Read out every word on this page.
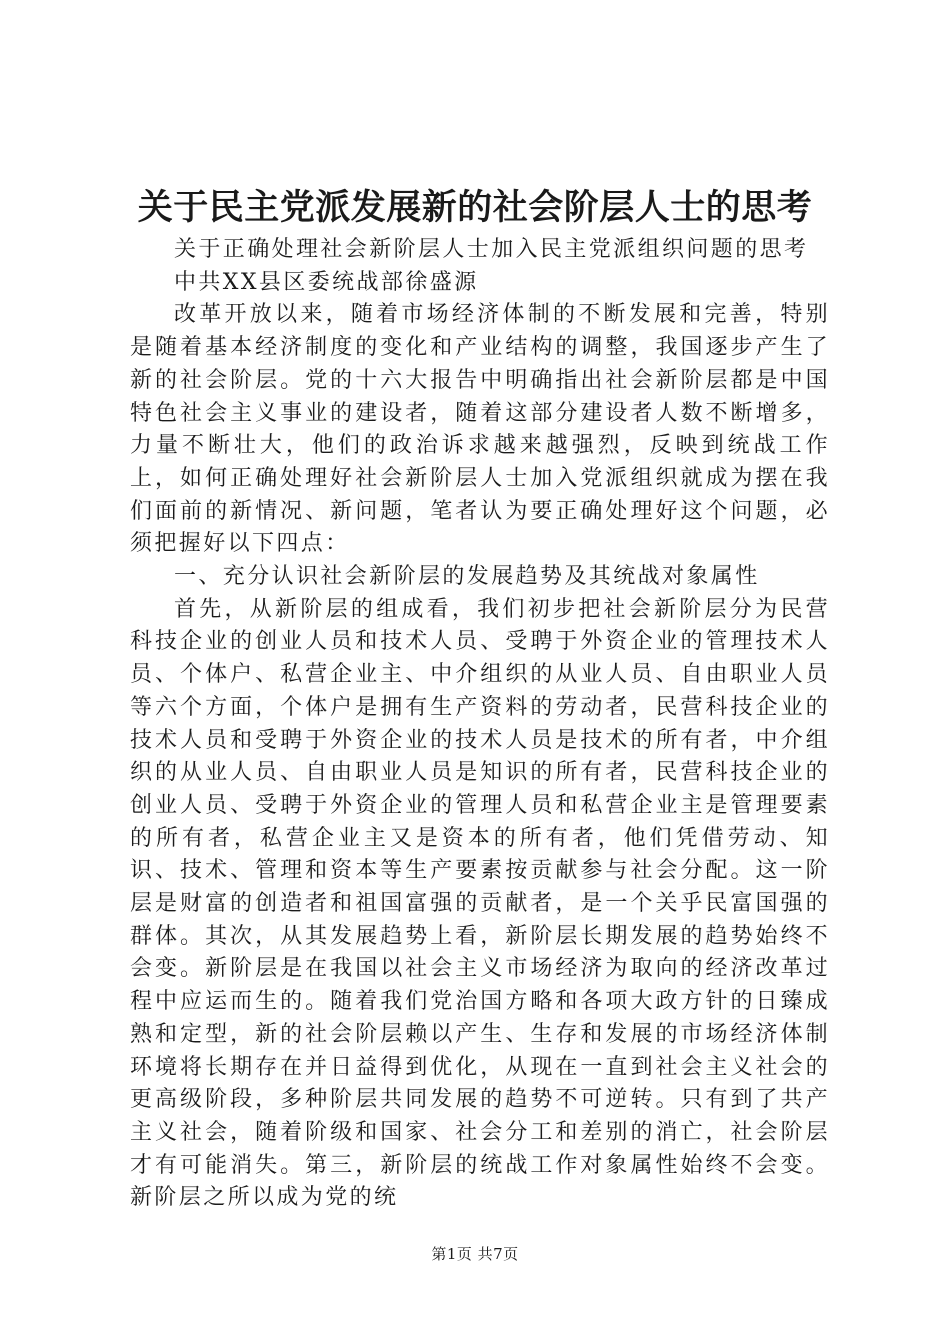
关于民主党派发展新的社会阶层人士的思考

关于正确处理社会新阶层人士加入民主党派组织问题的思考

中共XX县区委统战部徐盛源

改革开放以来，随着市场经济体制的不断发展和完善，特别是随着基本经济制度的变化和产业结构的调整，我国逐步产生了新的社会阶层。党的十六大报告中明确指出社会新阶层都是中国特色社会主义事业的建设者，随着这部分建设者人数不断增多，力量不断壮大，他们的政治诉求越来越强烈，反映到统战工作上，如何正确处理好社会新阶层人士加入党派组织就成为摆在我们面前的新情况、新问题，笔者认为要正确处理好这个问题，必须把握好以下四点：

一、充分认识社会新阶层的发展趋势及其统战对象属性

首先，从新阶层的组成看，我们初步把社会新阶层分为民营科技企业的创业人员和技术人员、受聘于外资企业的管理技术人员、个体户、私营企业主、中介组织的从业人员、自由职业人员等六个方面，个体户是拥有生产资料的劳动者，民营科技企业的技术人员和受聘于外资企业的技术人员是技术的所有者，中介组织的从业人员、自由职业人员是知识的所有者，民营科技企业的创业人员、受聘于外资企业的管理人员和私营企业主是管理要素的所有者，私营企业主又是资本的所有者，他们凭借劳动、知识、技术、管理和资本等生产要素按贡献参与社会分配。这一阶层是财富的创造者和祖国富强的贡献者，是一个关乎民富国强的群体。其次，从其发展趋势上看，新阶层长期发展的趋势始终不会变。新阶层是在我国以社会主义市场经济为取向的经济改革过程中应运而生的。随着我们党治国方略和各项大政方针的日臻成熟和定型，新的社会阶层赖以产生、生存和发展的市场经济体制环境将长期存在并日益得到优化，从现在一直到社会主义社会的更高级阶段，多种阶层共同发展的趋势不可逆转。只有到了共产主义社会，随着阶级和国家、社会分工和差别的消亡，社会阶层才有可能消失。第三，新阶层的统战工作对象属性始终不会变。新阶层之所以成为党的统

第1页 共7页
